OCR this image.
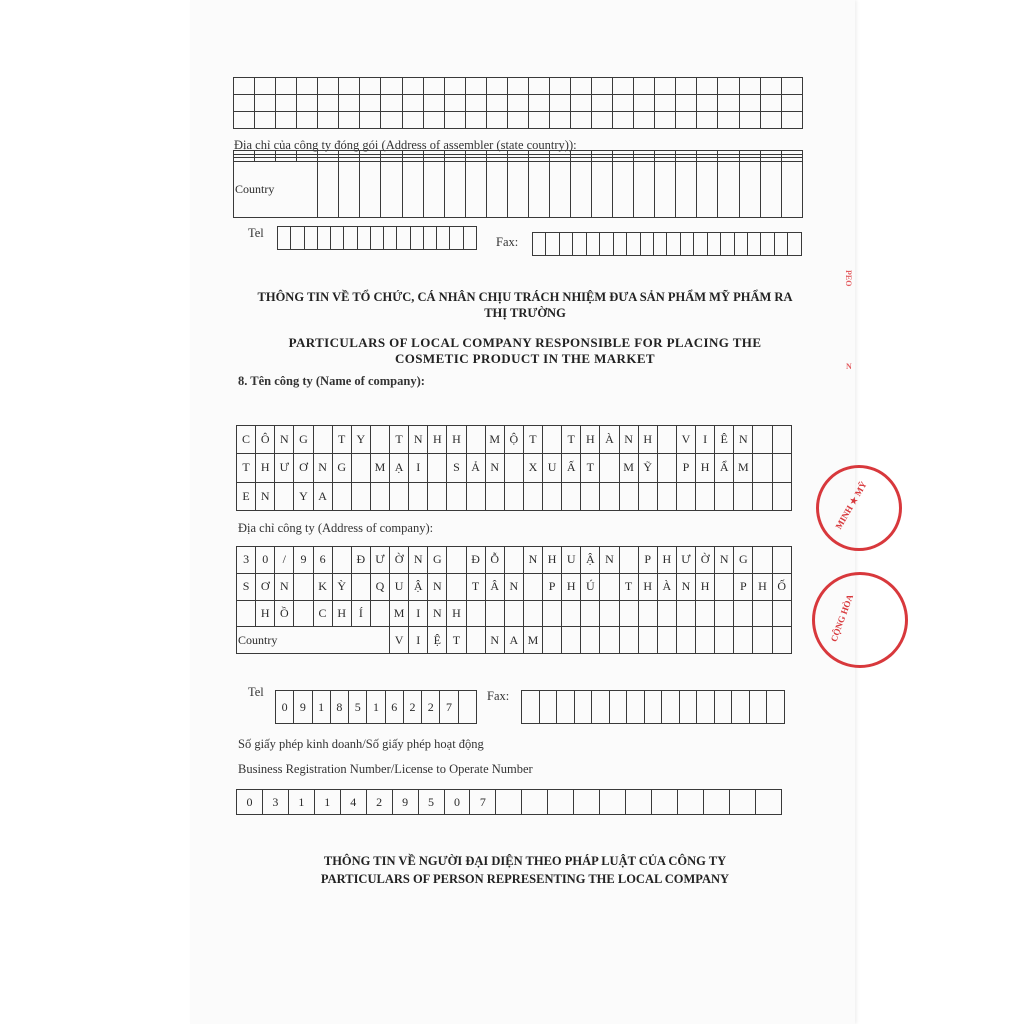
Địa chỉ của công ty đóng gói (Address of assembler (state country)):

Country																										
Tel

Fax:

THÔNG TIN VỀ TỔ CHỨC, CÁ NHÂN CHỊU TRÁCH NHIỆM ĐƯA SẢN PHẨM MỸ PHẨM RA THỊ TRƯỜNG
PARTICULARS OF LOCAL COMPANY RESPONSIBLE FOR PLACING THE COSMETIC PRODUCT IN THE MARKET
8. Tên công ty (Name of company):
C	Ô	N	G		T	Y		T	N	H	H		M	Ộ	T		T	H	À	N	H		V	I	Ê	N		
T	H	Ư	Ơ	N	G		M	Ạ	I		S	Ả	N		X	U	Ấ	T		M	Ỹ		P	H	Ẩ	M		
E	N		Y	A																								
Địa chỉ công ty (Address of company):
3	0	/	9	6		Đ	Ư	Ờ	N	G		Đ	Ỗ		N	H	U	Ậ	N		P	H	Ư	Ờ	N	G		
S	Ơ	N		K	Ỳ		Q	U	Ậ	N		T	Â	N		P	H	Ú		T	H	À	N	H		P	H	Ố
	H	Ồ		C	H	Í		M	I	N	H																	
Country								V	I	Ệ	T		N	A	M													
Tel
0	9	1	8	5	1	6	2	2	7	
Fax:

Số giấy phép kinh doanh/Số giấy phép hoạt động
Business Registration Number/License to Operate Number
0	3	1	1	4	2	9	5	0	7											
THÔNG TIN VỀ NGƯỜI ĐẠI DIỆN THEO PHÁP LUẬT CỦA CÔNG TY
PARTICULARS OF PERSON REPRESENTING THE LOCAL COMPANY
PEO
N
MINH ★ MỸ
CỘNG HÒA
